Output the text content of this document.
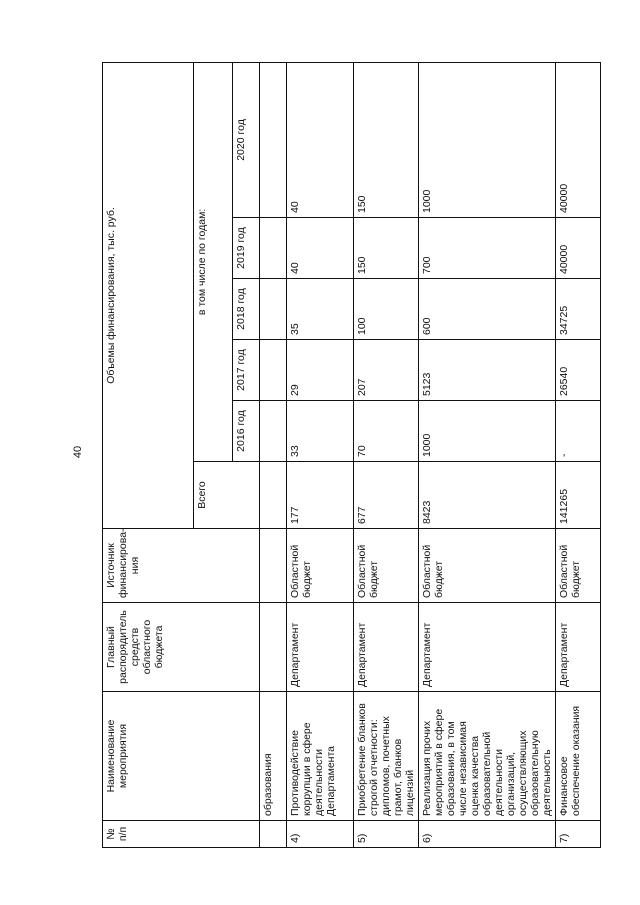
40
№ п/п	Наименование мероприятия	Главный распорядитель средств областного бюджета	Источник финансирова-ния	Объемы финансирования, тыс. руб.					
				Всего	в том числе по годам:				
					2016 год	2017 год	2018 год	2019 год	2020 год
	образования								
4)	Противодействие коррупции в сфере деятельности Департамента	Департамент	Областной бюджет	177	33	29	35	40	40
5)	Приобретение бланков строгой отчетности: дипломов, почетных грамот, бланков лицензий	Департамент	Областной бюджет	677	70	207	100	150	150
6)	Реализация прочих мероприятий в сфере образования, в том числе независимая оценка качества образовательной деятельности организаций, осуществляющих образовательную деятельность	Департамент	Областной бюджет	8423	1000	5123	600	700	1000
7)	Финансовое обеспечение оказания	Департамент	Областной бюджет	141265	-	26540	34725	40000	40000
